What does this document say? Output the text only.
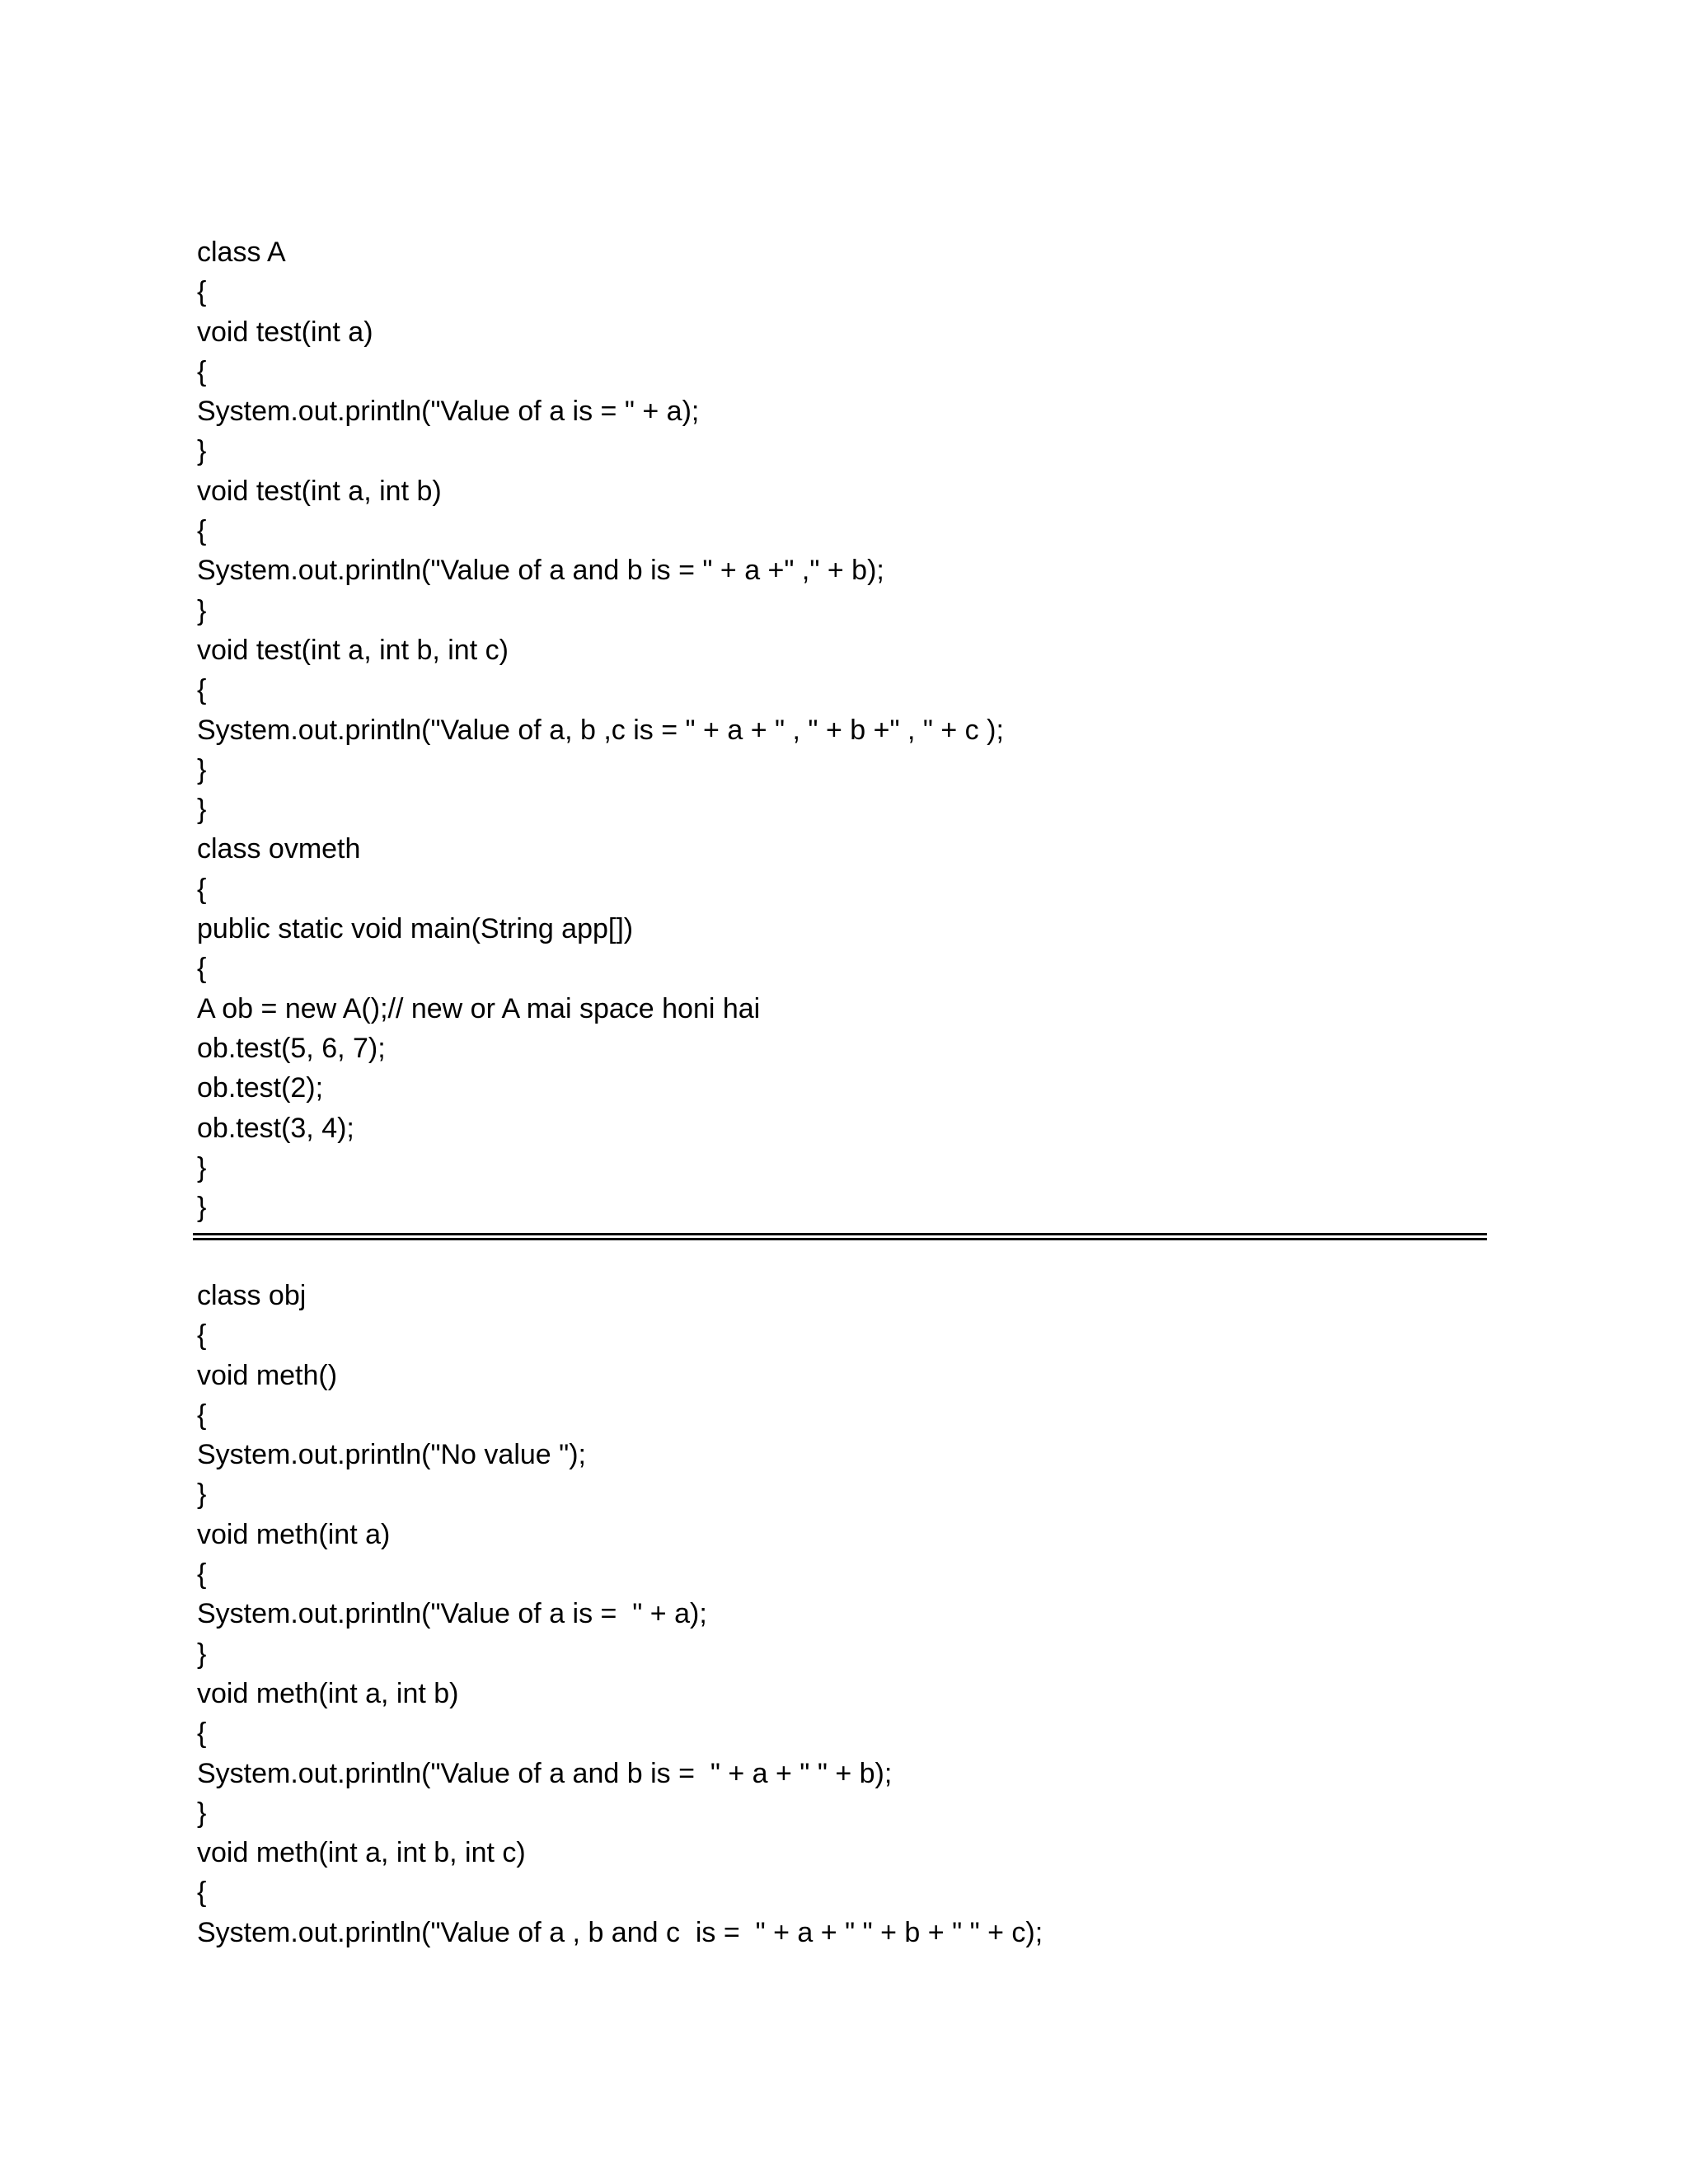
class A
{
void test(int a)
{
System.out.println("Value of a is = " + a);
}
void test(int a, int b)
{
System.out.println("Value of a and b is = " + a +" ," + b);
}
void test(int a, int b, int c)
{
System.out.println("Value of a, b ,c is = " + a + " , " + b +" , " + c );
}
}
class ovmeth
{
public static void main(String app[])
{
A ob = new A();// new or A mai space honi hai
ob.test(5, 6, 7);
ob.test(2);
ob.test(3, 4);
}
}
class obj
{
void meth()
{
System.out.println("No value ");
}
void meth(int a)
{
System.out.println("Value of a is =  " + a);
}
void meth(int a, int b)
{
System.out.println("Value of a and b is =  " + a + " " + b);
}
void meth(int a, int b, int c)
{
System.out.println("Value of a , b and c  is =  " + a + " " + b + " " + c);
